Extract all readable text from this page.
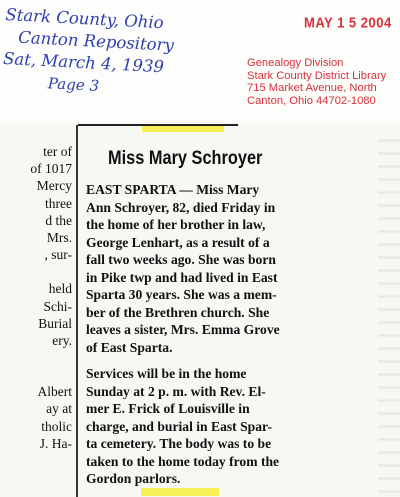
Stark County, Ohio
Canton Repository
Sat, March 4, 1939
Page 3
MAY 1 5 2004
Genealogy Division
Stark County District Library
715 Market Avenue, North
Canton, Ohio 44702-1080
ter of
of 1017
Mercy
three
d the
Mrs.
, sur-
held
Schi-
Burial
ery.
Albert
ay at
tholic
J. Ha-
Miss Mary Schroyer
EAST SPARTA — Miss Mary
Ann Schroyer, 82, died Friday in
the home of her brother in law,
George Lenhart, as a result of a
fall two weeks ago. She was born
in Pike twp and had lived in East
Sparta 30 years. She was a mem-
ber of the Brethren church. She
leaves a sister, Mrs. Emma Grove
of East Sparta.
Services will be in the home
Sunday at 2 p. m. with Rev. El-
mer E. Frick of Louisville in
charge, and burial in East Spar-
ta cemetery. The body was to be
taken to the home today from the
Gordon parlors.
